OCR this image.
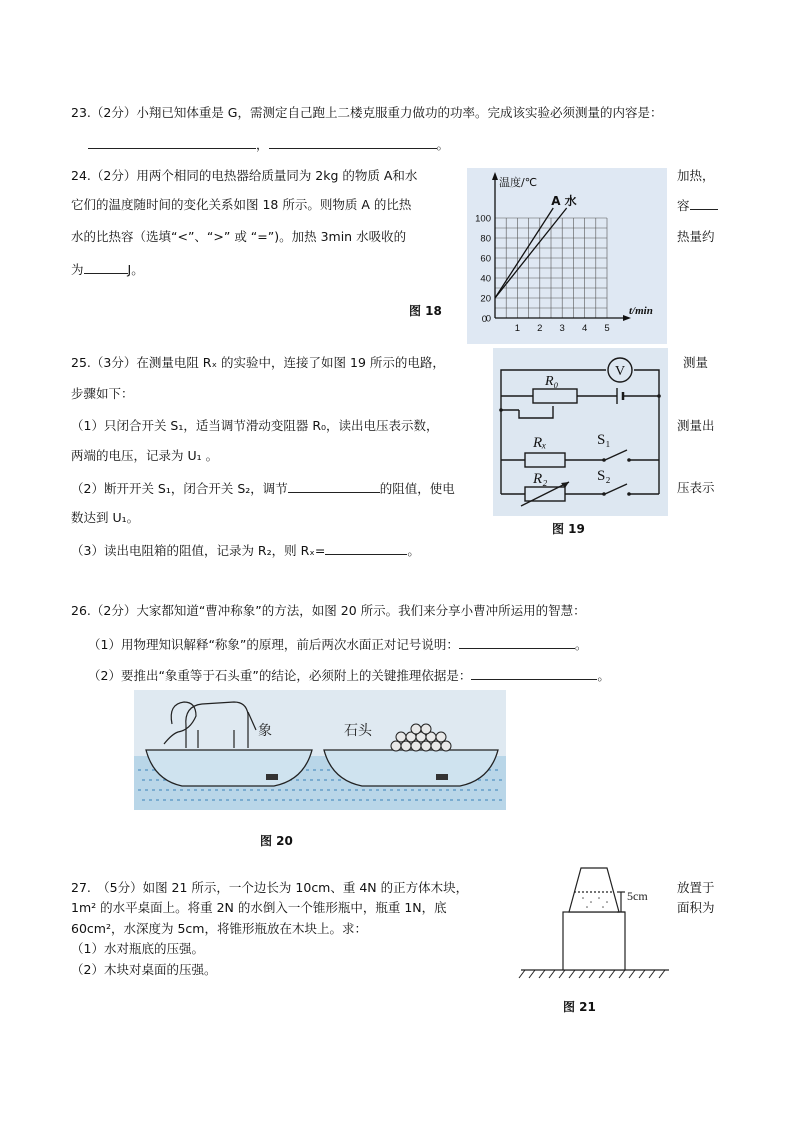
23.（2分）小翔已知体重是 G，需测定自己跑上二楼克服重力做功的功率。完成该实验必须测量的内容是：
，	。
24.（2分）用两个相同的电热器给质量同为 2kg 的物质 A和水	加热，
它们的温度随时间的变化关系如图 18 所示。则物质 A 的比热	容
水的比热容（选填“<”、“>” 或 “=”)。加热 3min 水吸收的	热量约
为	J。
0
20
40
60
80
100
1 2 3 4 5
0
A 水
温度/℃
t/min
图 18
25.（3分）在测量电阻 Rₓ 的实验中，连接了如图 19 所示的电路，	测量
步骤如下：
（1）只闭合开关 S₁，适当调节滑动变阻器 R₀，读出电压表示数，	测量出
两端的电压，记录为 U₁ 。
（2）断开开关 S₁，闭合开关 S₂，调节	的阻值，使电	压表示
数达到 U₁。
（3）读出电阻箱的阻值，记录为 R₂，则 Rₓ=	。
V
R₀
Rₓ	S₁
R₂	S₂
图 19
26.（2分）大家都知道“曹冲称象”的方法，如图 20 所示。我们来分享小曹冲所运用的智慧：
（1）用物理知识解释“称象”的原理，前后两次水面正对记号说明：	。
（2）要推出“象重等于石头重”的结论，必须附上的关键推理依据是：	。
象	石头
图 20
27.　（5分）如图 21 所示，一个边长为 10cm、重 4N 的正方体木块，	放置于
1m² 的水平桌面上。将重 2N 的水倒入一个锥形瓶中，瓶重 1N，底	面积为
60cm²，水深度为 5cm，将锥形瓶放在木块上。求：
（1）水对瓶底的压强。
（2）木块对桌面的压强。
5cm
图 21
